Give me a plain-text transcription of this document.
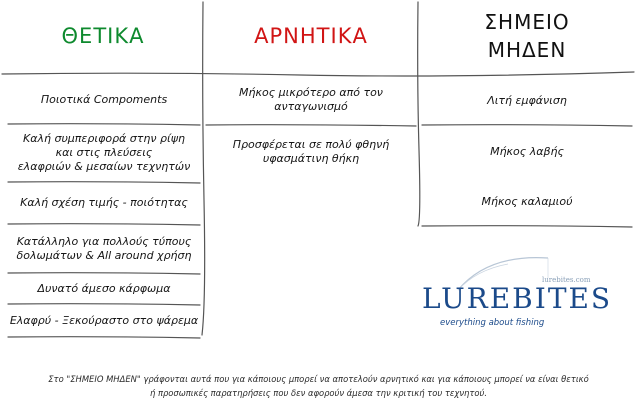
ΘΕΤΙΚΑ	ΑΡΝΗΤΙΚΑ
ΣΗΜΕΙΟ
ΜΗΔΕΝ
Ποιοτικά Compoments
Καλή συμπεριφορά στην ρίψη
και στις πλεύσεις
ελαφριών & μεσαίων τεχνητών
Καλή σχέση τιμής - ποιότητας
Κατάλληλο για πολλούς τύπους
δολωμάτων & All around χρήση
Δυνατό άμεσο κάρφωμα
Ελαφρύ - Ξεκούραστο στο ψάρεμα
Μήκος μικρότερο από τον
ανταγωνισμό
Προσφέρεται σε πολύ φθηνή
υφασμάτινη θήκη
Λιτή εμφάνιση
Μήκος λαβής
Μήκος καλαμιού
lurebites.com
LUREBITES
everything about fishing
Στο "ΣΗΜΕΙΟ ΜΗΔΕΝ" γράφονται αυτά που για κάποιους μπορεί να αποτελούν αρνητικό και για κάποιους μπορεί να είναι θετικό
ή προσωπικές παρατηρήσεις που δεν αφορούν άμεσα την κριτική του τεχνητού.
